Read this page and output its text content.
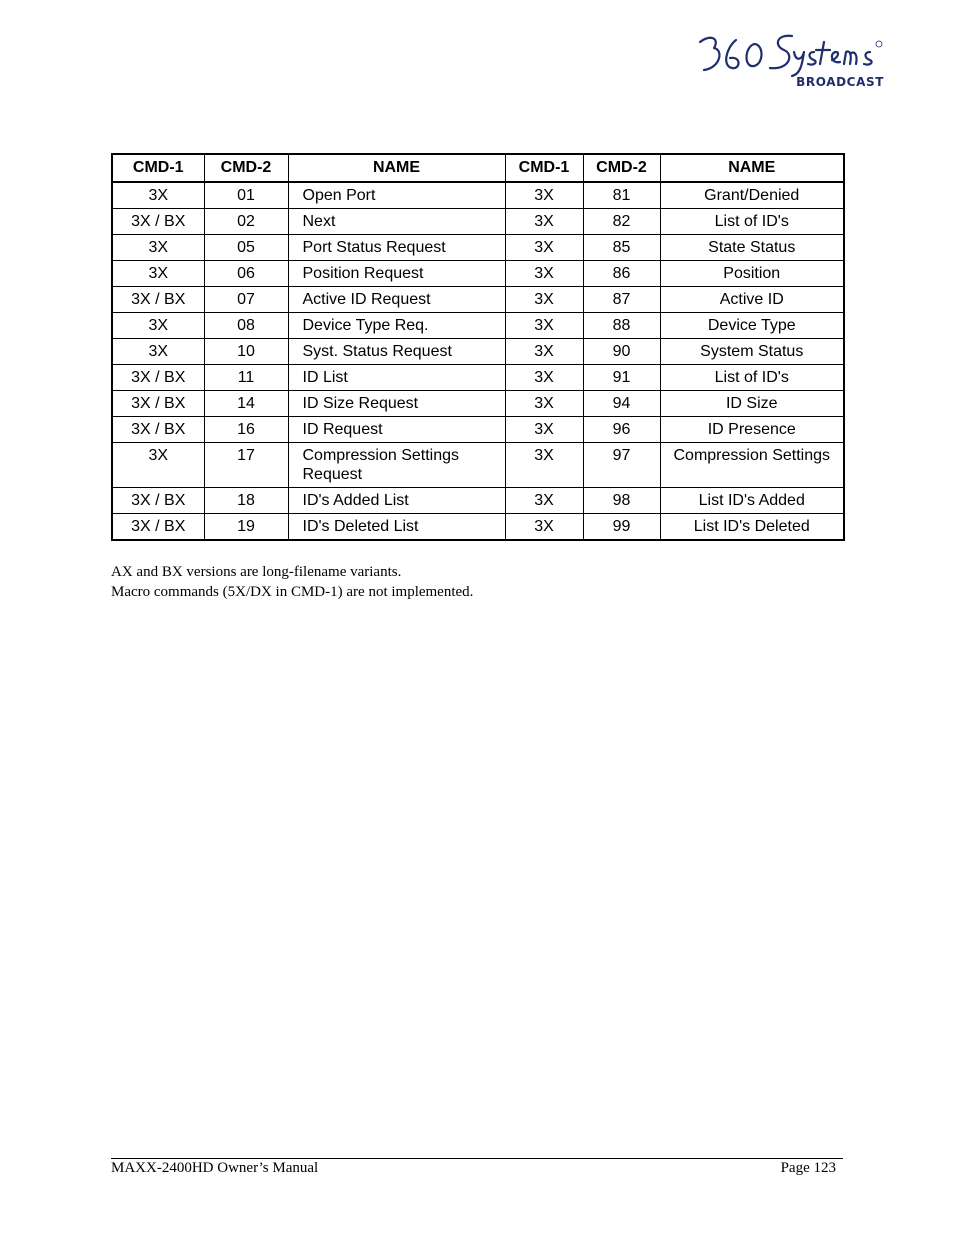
BROADCAST
CMD-1	CMD-2	NAME	CMD-1	CMD-2	NAME
3X	01	Open Port	3X	81	Grant/Denied
3X / BX	02	Next	3X	82	List of ID's
3X	05	Port Status Request	3X	85	State Status
3X	06	Position Request	3X	86	Position
3X / BX	07	Active ID Request	3X	87	Active ID
3X	08	Device Type Req.	3X	88	Device Type
3X	10	Syst. Status Request	3X	90	System Status
3X / BX	11	ID List	3X	91	List of ID's
3X / BX	14	ID Size Request	3X	94	ID Size
3X / BX	16	ID Request	3X	96	ID Presence
3X	17	Compression Settings Request	3X	97	Compression Settings
3X / BX	18	ID's Added List	3X	98	List ID's Added
3X / BX	19	ID's Deleted List	3X	99	List ID's Deleted
AX and BX versions are long-filename variants.
Macro commands (5X/DX in CMD-1) are not implemented.
MAXX-2400HD Owner’s Manual	Page 123
